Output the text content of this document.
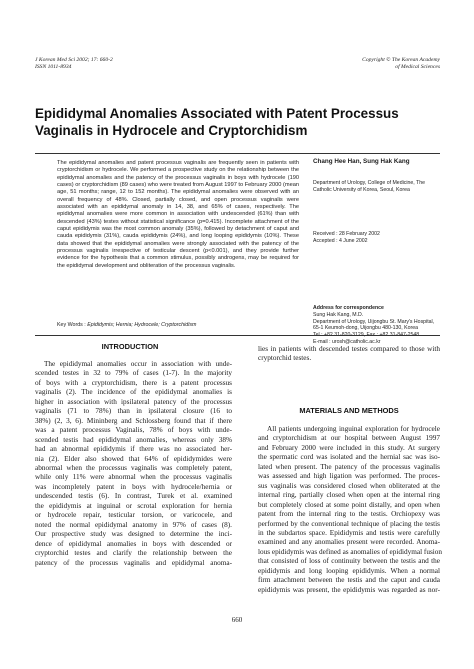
J Korean Med Sci 2002; 17: 660-2
ISSN 1011-8934
Copyright © The Korean Academy
of Medical Sciences
Epididymal Anomalies Associated with Patent Processus Vaginalis in Hydrocele and Cryptorchidism
The epididymal anomalies and patent processus vaginalis are frequently seen in patients with cryptorchidism or hydrocele. We performed a prospective study on the relationship between the epididymal anomalies and the patency of the processus vaginalis in boys with hydrocele (190 cases) or cryptorchidism (89 cases) who were treated from August 1997 to February 2000 (mean age, 51 months; range, 12 to 152 months). The epididymal anomalies were observed with an overall frequency of 48%. Closed, partially closed, and open processus vaginalis were associated with an epididymal anomaly in 14, 38, and 65% of cases, respectively. The epididymal anomalies were more common in association with undescended (61%) than with descended (43%) testes without statistical significance (p=0.415). Incomplete attachment of the caput epididymis was the most common anomaly (35%), followed by detachment of caput and cauda epididymis (31%), cauda epididymis (24%), and long looping epididymis (10%). These data showed that the epididymal anomalies were strongly associated with the patency of the processus vaginalis irrespective of testicular descent (p<0.001), and they provide further evidence for the hypothesis that a common stimulus, possibly androgens, may be required for the epididymal development and obliteration of the processus vaginalis.
Key Words : Epididymis; Hernia; Hydrocele; Cryptorchidism
Chang Hee Han, Sung Hak Kang
Department of Urology, College of Medicine, The
Catholic University of Korea, Seoul, Korea
Received : 28 February 2002
Accepted : 4 June 2002
Address for correspondence
Sung Hak Kang, M.D.
Department of Urology, Uijongbu St. Mary's Hospital,
65-1 Keumoh-dong, Uijongbu 480-130, Korea
Tel : +82.31-820-3129, Fax : +82.31-847-2548
E-mail : urosh@catholic.ac.kr
INTRODUCTION
The epididymal anomalies occur in association with unde-
scended testes in 32 to 79% of cases (1-7). In the majority
of boys with a cryptorchidism, there is a patent processus
vaginalis (2). The incidence of the epididymal anomalies is
higher in association with ipsilateral patency of the processus
vaginalis (71 to 78%) than in ipsilateral closure (16 to
38%) (2, 3, 6). Mininberg and Schlossberg found that if there
was a patent processus Vaginalis, 78% of boys with unde-
scended testis had epididymal anomalies, whereas only 38%
had an abnormal epididymis if there was no associated her-
nia (2). Elder also showed that 64% of epididymides were
abnormal when the processus vaginalis was completely patent,
while only 11% were abnormal when the processus vaginalis
was incompletely patent in boys with hydrocele/hernia or
undescended testis (6). In contrast, Turek et al. examined
the epididymis at inguinal or scrotal exploration for hernia
or hydrocele repair, testicular torsion, or varicocele, and
noted the normal epididymal anatomy in 97% of cases (8).
Our prospective study was designed to determine the inci-
dence of epididymal anomalies in boys with descended or
cryptorchid testes and clarify the relationship between the
patency of the processus vaginalis and epididymal anoma-
lies in patients with descended testes compared to those with
cryptorchid testes.
MATERIALS AND METHODS
All patients undergoing inguinal exploration for hydrocele
and cryptorchidism at our hospital between August 1997
and February 2000 were included in this study. At surgery
the spermatic cord was isolated and the hernial sac was iso-
lated when present. The patency of the processus vaginalis
was assessed and high ligation was performed. The proces-
sus vaginalis was considered closed when obliterated at the
internal ring, partially closed when open at the internal ring
but completely closed at some point distally, and open when
patent from the internal ring to the testis. Orchiopexy was
performed by the conventional technique of placing the testis
in the subdartos space. Epididymis and testis were carefully
examined and any anomalies present were recorded. Anoma-
lous epididymis was defined as anomalies of epididymal fusion
that consisted of loss of continuity between the testis and the
epididymis and long looping epididymis. When a normal
firm attachment between the testis and the caput and cauda
epididymis was present, the epididymis was regarded as nor-
660
